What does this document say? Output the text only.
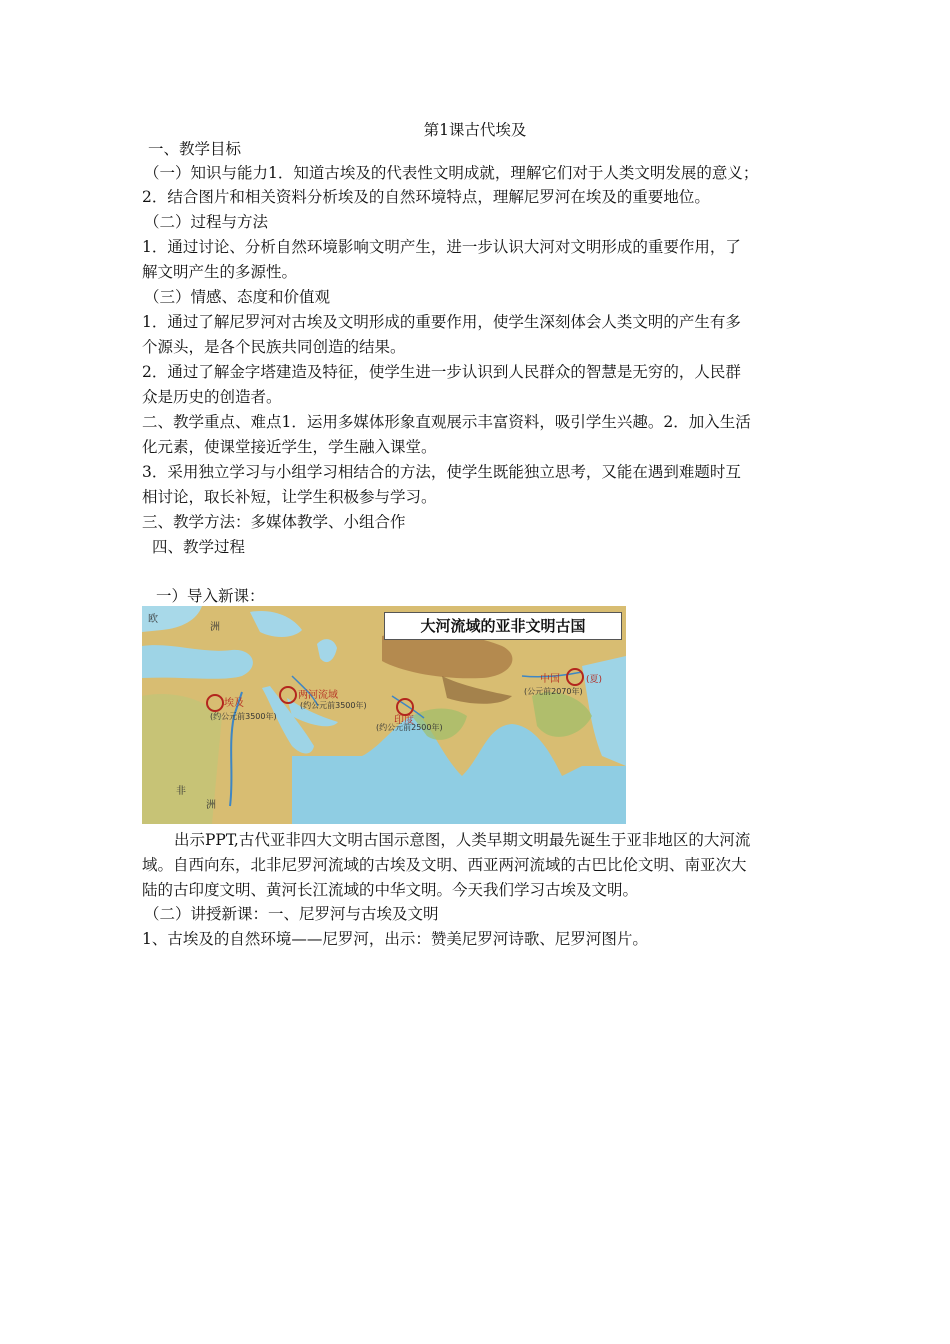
第1课古代埃及
一、教学目标
（一）知识与能力1．知道古埃及的代表性文明成就，理解它们对于人类文明发展的意义；
2．结合图片和相关资料分析埃及的自然环境特点，理解尼罗河在埃及的重要地位。
（二）过程与方法
1．通过讨论、分析自然环境影响文明产生，进一步认识大河对文明形成的重要作用，了
解文明产生的多源性。
（三）情感、态度和价值观
1．通过了解尼罗河对古埃及文明形成的重要作用，使学生深刻体会人类文明的产生有多
个源头，是各个民族共同创造的结果。
2．通过了解金字塔建造及特征，使学生进一步认识到人民群众的智慧是无穷的，人民群
众是历史的创造者。
二、教学重点、难点1．运用多媒体形象直观展示丰富资料，吸引学生兴趣。2．加入生活
化元素，使课堂接近学生，学生融入课堂。
3．采用独立学习与小组学习相结合的方法，使学生既能独立思考，又能在遇到难题时互
相讨论，取长补短，让学生积极参与学习。
三、教学方法：多媒体教学、小组合作
四、教学过程
一）导入新课：
大河流域的亚非文明古国
欧
洲
非
洲
埃及
(约公元前3500年)
两河流域
(约公元前3500年)
印度
(约公元前2500年)
中国	(夏)
(公元前2070年)
出示PPT,古代亚非四大文明古国示意图，人类早期文明最先诞生于亚非地区的大河流
域。自西向东，北非尼罗河流域的古埃及文明、西亚两河流域的古巴比伦文明、南亚次大
陆的古印度文明、黄河长江流域的中华文明。今天我们学习古埃及文明。
（二）讲授新课：一、尼罗河与古埃及文明
1、古埃及的自然环境——尼罗河，出示：赞美尼罗河诗歌、尼罗河图片。
